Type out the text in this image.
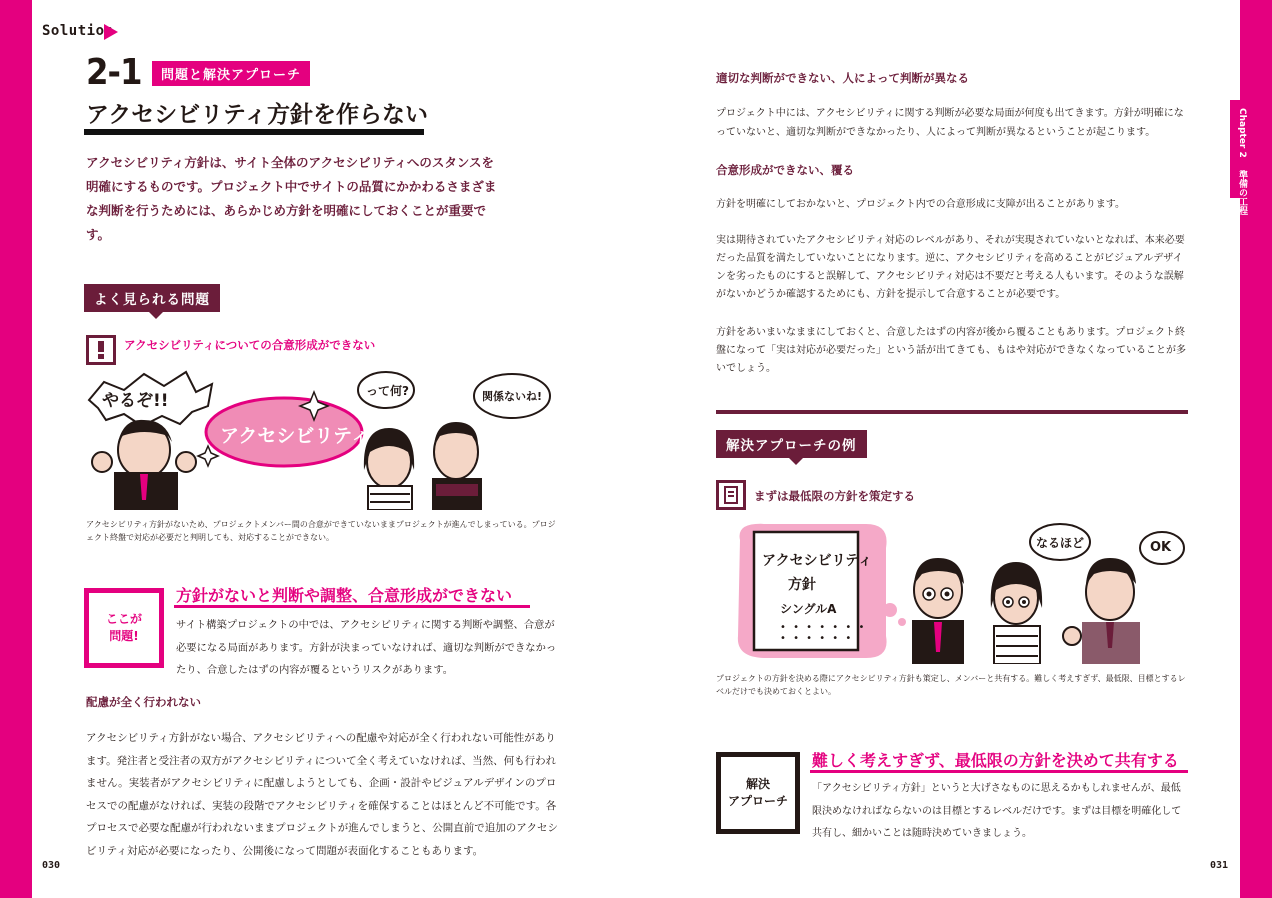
Chapter 2 　準備の工程
Solution
2-1	問題と解決アプローチ
アクセシビリティ方針を作らない
アクセシビリティ方針は、サイト全体のアクセシビリティへのスタンスを明確にするものです。プロジェクト中でサイトの品質にかかわるさまざまな判断を行うためには、あらかじめ方針を明確にしておくことが重要です。
よく見られる問題
アクセシビリティについての合意形成ができない
やるぞ!!
アクセシビリティ
って何?	関係ないね!
アクセシビリティ方針がないため、プロジェクトメンバー間の合意ができていないままプロジェクトが進んでしまっている。プロジェクト終盤で対応が必要だと判明しても、対応することができない。
ここが
問題!
方針がないと判断や調整、合意形成ができない
サイト構築プロジェクトの中では、アクセシビリティに関する判断や調整、合意が必要になる局面があります。方針が決まっていなければ、適切な判断ができなかったり、合意したはずの内容が覆るというリスクがあります。
配慮が全く行われない
アクセシビリティ方針がない場合、アクセシビリティへの配慮や対応が全く行われない可能性があります。発注者と受注者の双方がアクセシビリティについて全く考えていなければ、当然、何も行われません。実装者がアクセシビリティに配慮しようとしても、企画・設計やビジュアルデザインのプロセスでの配慮がなければ、実装の段階でアクセシビリティを確保することはほとんど不可能です。各プロセスで必要な配慮が行われないままプロジェクトが進んでしまうと、公開直前で追加のアクセシビリティ対応が必要になったり、公開後になって問題が表面化することもあります。
適切な判断ができない、人によって判断が異なる
プロジェクト中には、アクセシビリティに関する判断が必要な局面が何度も出てきます。方針が明確になっていないと、適切な判断ができなかったり、人によって判断が異なるということが起こります。
合意形成ができない、覆る
方針を明確にしておかないと、プロジェクト内での合意形成に支障が出ることがあります。
実は期待されていたアクセシビリティ対応のレベルがあり、それが実現されていないとなれば、本来必要だった品質を満たしていないことになります。逆に、アクセシビリティを高めることがビジュアルデザインを劣ったものにすると誤解して、アクセシビリティ対応は不要だと考える人もいます。そのような誤解がないかどうか確認するためにも、方針を提示して合意することが必要です。
方針をあいまいなままにしておくと、合意したはずの内容が後から覆ることもあります。プロジェクト終盤になって「実は対応が必要だった」という話が出てきても、もはや対応ができなくなっていることが多いでしょう。
解決アプローチの例
まずは最低限の方針を策定する
アクセシビリティ
方針
シングルA
• • • • • • •
• • • • • •
なるほど	OK
プロジェクトの方針を決める際にアクセシビリティ方針も策定し、メンバーと共有する。難しく考えすぎず、最低限、目標とするレベルだけでも決めておくとよい。
解決
アプローチ
難しく考えすぎず、最低限の方針を決めて共有する
「アクセシビリティ方針」というと大げさなものに思えるかもしれませんが、最低限決めなければならないのは目標とするレベルだけです。まずは目標を明確化して共有し、細かいことは随時決めていきましょう。
030	031
